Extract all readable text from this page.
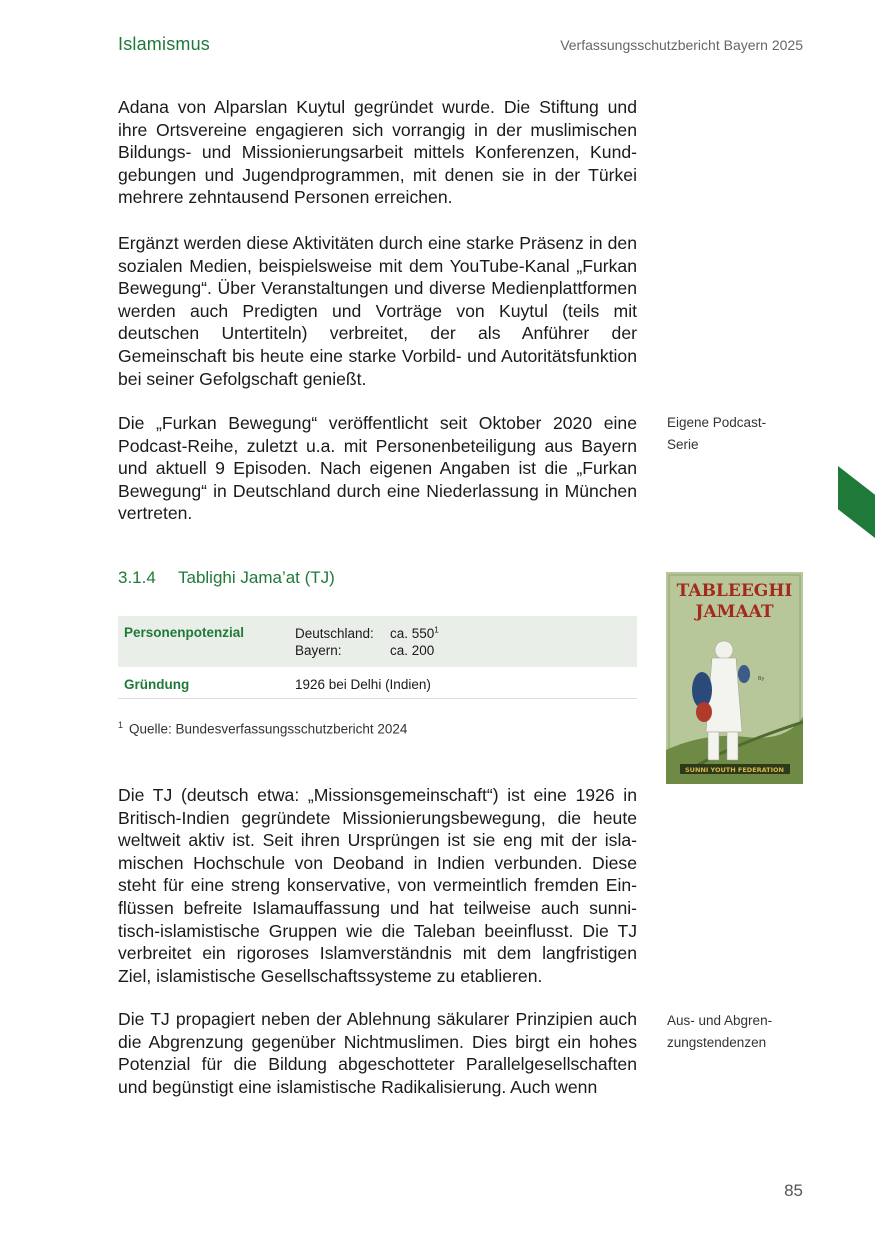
Islamismus	Verfassungsschutzbericht Bayern 2025

Adana von Alparslan Kuytul gegründet wurde. Die Stiftung und ihre Ortsvereine engagieren sich vorrangig in der muslimischen Bildungs- und Missionierungsarbeit mittels Konferenzen, Kundgebungen und Jugendprogrammen, mit denen sie in der Türkei mehrere zehntausend Personen erreichen.

Ergänzt werden diese Aktivitäten durch eine starke Präsenz in den sozialen Medien, beispielsweise mit dem YouTube-Kanal „Furkan Bewegung“. Über Veranstaltungen und diverse Medienplattformen werden auch Predigten und Vorträge von Kuytul (teils mit deutschen Untertiteln) verbreitet, der als Anführer der Gemeinschaft bis heute eine starke Vorbild- und Autoritätsfunktion bei seiner Gefolgschaft genießt.

Die „Furkan Bewegung“ veröffentlicht seit Oktober 2020 eine Podcast-Reihe, zuletzt u.a. mit Personenbeteiligung aus Bayern und aktuell 9 Episoden. Nach eigenen Angaben ist die „Furkan Bewegung“ in Deutschland durch eine Niederlassung in München vertreten.

Eigene Podcast-Serie
3.1.4 Tablighi Jama’at (TJ)
Personenpotenzial	Deutschland: ca. $550^1$
Bayern: ca. 200

Gründung	1926 bei Delhi (Indien)
$^1$ Quelle: Bundesverfassungsschutzbericht 2024
TABLEEGHI
JAMAAT
By
SUNNI YOUTH FEDERATION

Die TJ (deutsch etwa: „Missionsgemeinschaft“) ist eine 1926 in Britisch-Indien gegründete Missionierungsbewegung, die heute weltweit aktiv ist. Seit ihren Ursprüngen ist sie eng mit der islamischen Hochschule von Deoband in Indien verbunden. Diese steht für eine streng konservative, von vermeintlich fremden Einflüssen befreite Islamauffassung und hat teilweise auch sunnitisch-islamistische Gruppen wie die Taleban beeinflusst. Die TJ verbreitet ein rigoroses Islamverständnis mit dem langfristigen Ziel, islamistische Gesellschaftssysteme zu etablieren.

Die TJ propagiert neben der Ablehnung säkularer Prinzipien auch die Abgrenzung gegenüber Nichtmuslimen. Dies birgt ein hohes Potenzial für die Bildung abgeschotteter Parallelgesellschaften und begünstigt eine islamistische Radikalisierung. Auch wenn

Aus- und Abgrenzungstendenzen
85
